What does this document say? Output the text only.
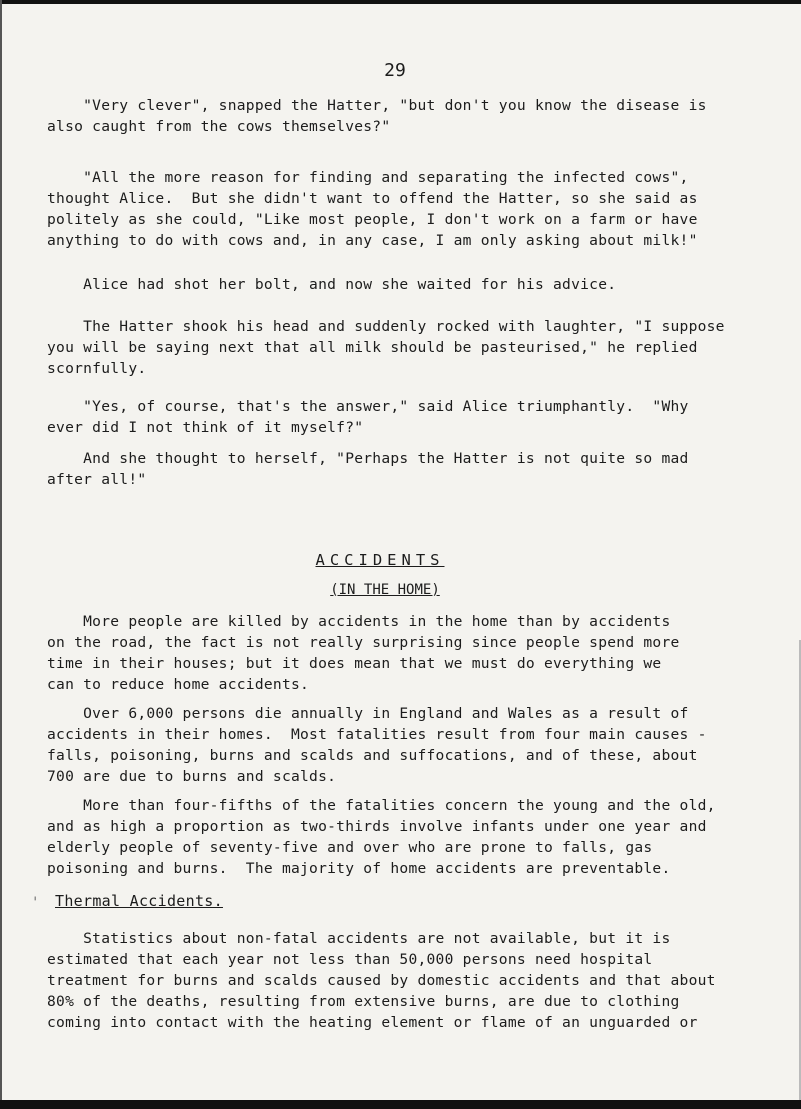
29

"Very clever", snapped the Hatter, "but don't you know the disease is

also caught from the cows themselves?"

"All the more reason for finding and separating the infected cows",

thought Alice.  But she didn't want to offend the Hatter, so she said as

politely as she could, "Like most people, I don't work on a farm or have

anything to do with cows and, in any case, I am only asking about milk!"

Alice had shot her bolt, and now she waited for his advice.

The Hatter shook his head and suddenly rocked with laughter, "I suppose

you will be saying next that all milk should be pasteurised," he replied

scornfully.

"Yes, of course, that's the answer," said Alice triumphantly.  "Why

ever did I not think of it myself?"

And she thought to herself, "Perhaps the Hatter is not quite so mad

after all!"

ACCIDENTS
(IN THE HOME)

More people are killed by accidents in the home than by accidents

on the road, the fact is not really surprising since people spend more

time in their houses; but it does mean that we must do everything we

can to reduce home accidents.

Over 6,000 persons die annually in England and Wales as a result of

accidents in their homes.  Most fatalities result from four main causes -

falls, poisoning, burns and scalds and suffocations, and of these, about

700 are due to burns and scalds.

More than four-fifths of the fatalities concern the young and the old,

and as high a proportion as two-thirds involve infants under one year and

elderly people of seventy-five and over who are prone to falls, gas

poisoning and burns.  The majority of home accidents are preventable.

' Thermal Accidents.

Statistics about non-fatal accidents are not available, but it is

estimated that each year not less than 50,000 persons need hospital

treatment for burns and scalds caused by domestic accidents and that about

80% of the deaths, resulting from extensive burns, are due to clothing

coming into contact with the heating element or flame of an unguarded or
